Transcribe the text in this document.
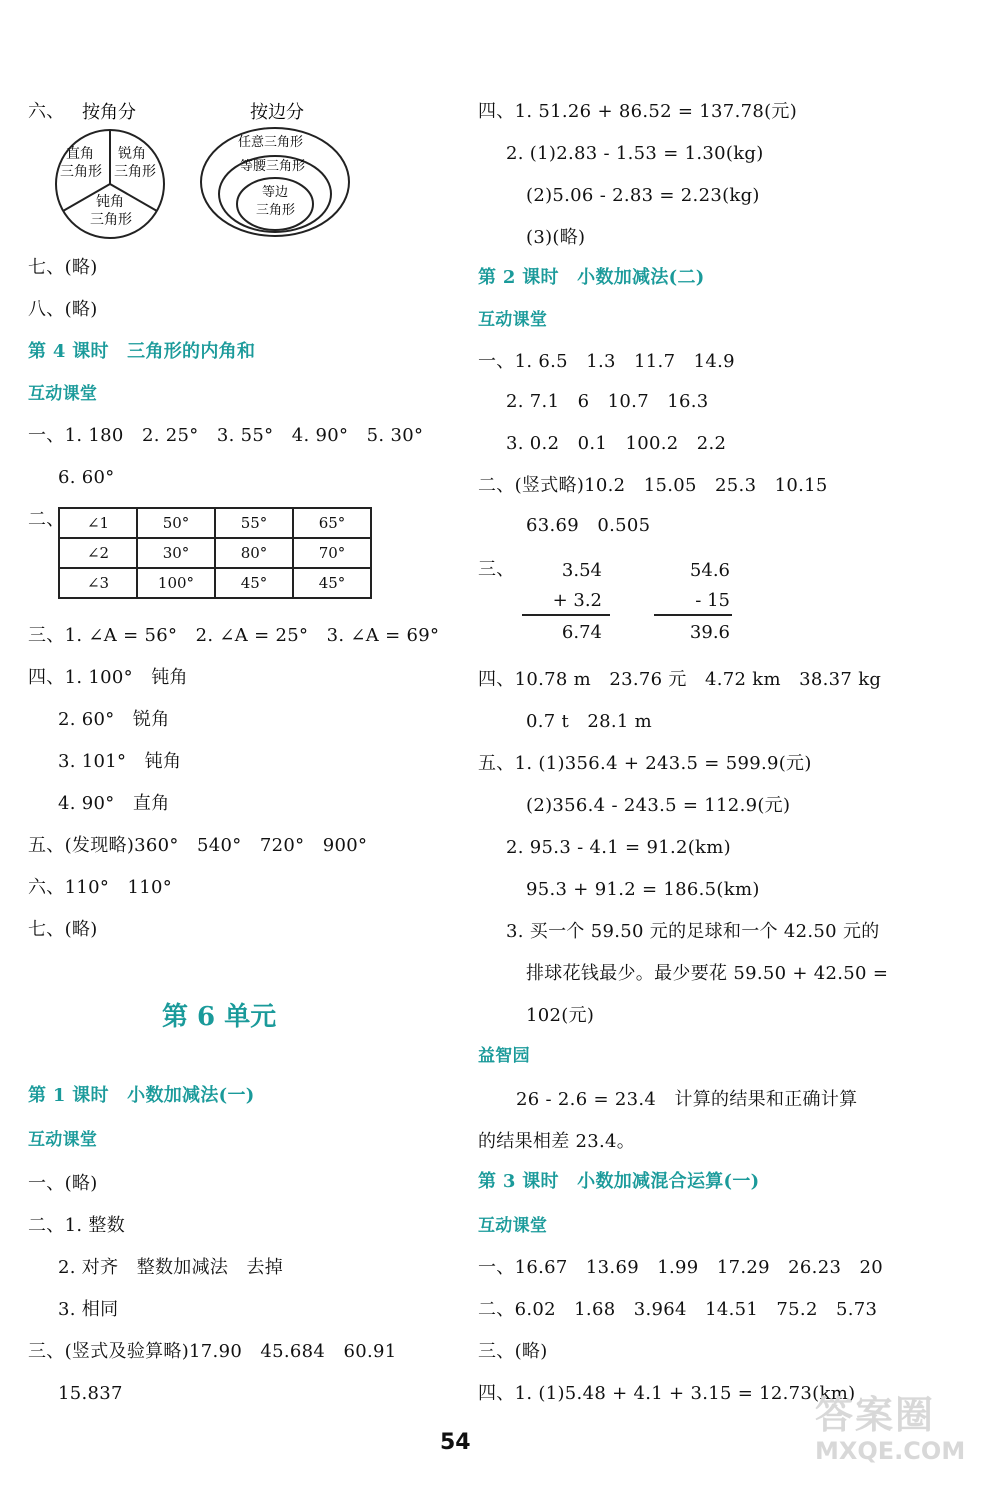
六、 按角分
直角
三角形
锐角
三角形
钝角
三角形
按边分
任意三角形
等腰三角形
等边
三角形
七、(略)
八、(略)
第 4 课时　三角形的内角和
互动课堂
一、1. 180　2. 25°　3. 55°　4. 90°　5. 30°
6. 60°
二、 ∠1	50°	55°	65°
∠2	30°	80°	70°
∠3	100°	45°	45°
三、1. ∠A = 56°　2. ∠A = 25°　3. ∠A = 69°
四、1. 100°　钝角
2. 60°　锐角
3. 101°　钝角
4. 90°　直角
五、(发现略)360°　540°　720°　900°
六、110°　110°
七、(略)
第 6 单元
第 1 课时　小数加减法(一)
互动课堂
一、(略)
二、1. 整数
2. 对齐　整数加减法　去掉
3. 相同
三、(竖式及验算略)17.90　45.684　60.91
15.837
四、1. 51.26 + 86.52 = 137.78(元)
2. (1)2.83 - 1.53 = 1.30(kg)
(2)5.06 - 2.83 = 2.23(kg)
(3)(略)
第 2 课时　小数加减法(二)
互动课堂
一、1. 6.5　1.3　11.7　14.9
2. 7.1　6　10.7　16.3
3. 0.2　0.1　100.2　2.2
二、(竖式略)10.2　15.05　25.3　10.15
63.69　0.505
三、	3.54
+ 3.2
6.74
54.6
- 15
39.6
四、10.78 m　23.76 元　4.72 km　38.37 kg
0.7 t　28.1 m
五、1. (1)356.4 + 243.5 = 599.9(元)
(2)356.4 - 243.5 = 112.9(元)
2. 95.3 - 4.1 = 91.2(km)
95.3 + 91.2 = 186.5(km)
3. 买一个 59.50 元的足球和一个 42.50 元的
排球花钱最少。最少要花 59.50 + 42.50 =
102(元)
益智园
26 - 2.6 = 23.4　计算的结果和正确计算
的结果相差 23.4。
第 3 课时　小数加减混合运算(一)
互动课堂
一、16.67　13.69　1.99　17.29　26.23　20
二、6.02　1.68　3.964　14.51　75.2　5.73
三、(略)
四、1. (1)5.48 + 4.1 + 3.15 = 12.73(km)
54
答案圈
MXQE.COM
